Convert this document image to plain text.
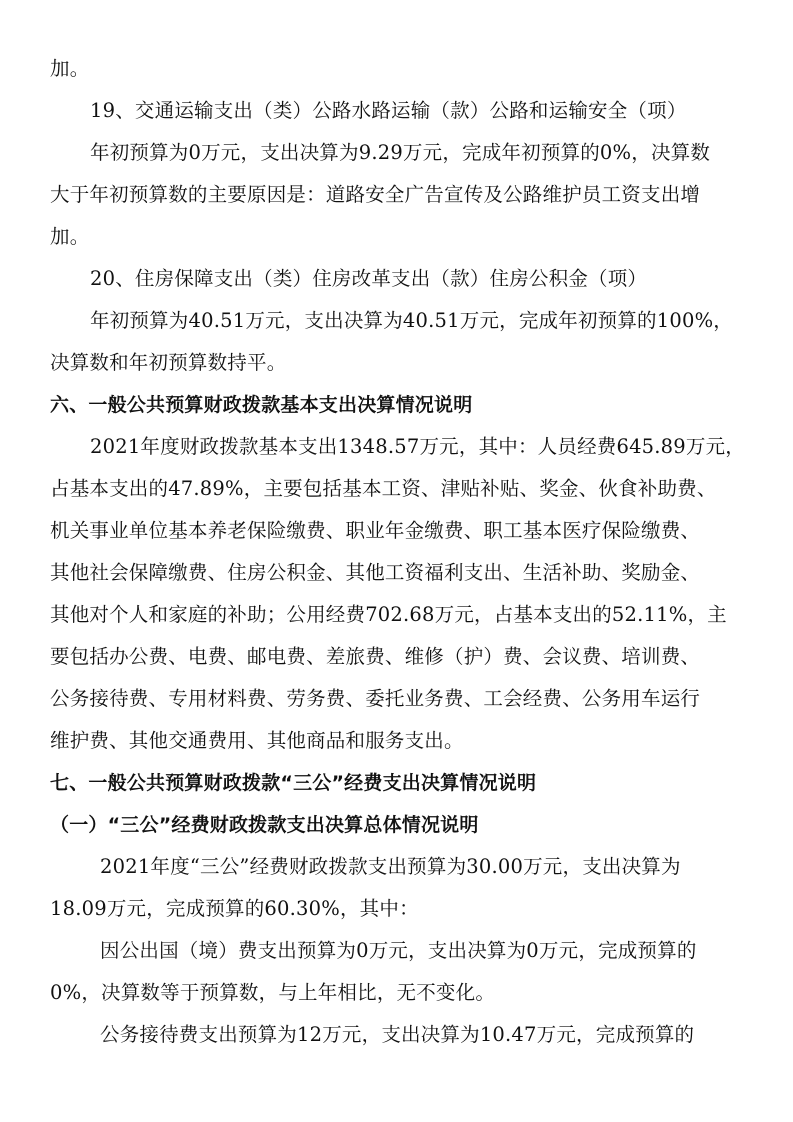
加。
19、交通运输支出（类）公路水路运输（款）公路和运输安全（项）
年初预算为0万元，支出决算为9.29万元，完成年初预算的0%，决算数
大于年初预算数的主要原因是：道路安全广告宣传及公路维护员工资支出增
加。
20、住房保障支出（类）住房改革支出（款）住房公积金（项）
年初预算为40.51万元，支出决算为40.51万元，完成年初预算的100%，
决算数和年初预算数持平。
六、一般公共预算财政拨款基本支出决算情况说明
2021年度财政拨款基本支出1348.57万元，其中：人员经费645.89万元，
占基本支出的47.89%，主要包括基本工资、津贴补贴、奖金、伙食补助费、
机关事业单位基本养老保险缴费、职业年金缴费、职工基本医疗保险缴费、
其他社会保障缴费、住房公积金、其他工资福利支出、生活补助、奖励金、
其他对个人和家庭的补助；公用经费702.68万元，占基本支出的52.11%，主
要包括办公费、电费、邮电费、差旅费、维修（护）费、会议费、培训费、
公务接待费、专用材料费、劳务费、委托业务费、工会经费、公务用车运行
维护费、其他交通费用、其他商品和服务支出。
七、一般公共预算财政拨款“三公”经费支出决算情况说明
（一）“三公”经费财政拨款支出决算总体情况说明
2021年度“三公”经费财政拨款支出预算为30.00万元，支出决算为
18.09万元，完成预算的60.30%，其中：
因公出国（境）费支出预算为0万元，支出决算为0万元，完成预算的
0%，决算数等于预算数，与上年相比，无不变化。
公务接待费支出预算为12万元，支出决算为10.47万元，完成预算的
